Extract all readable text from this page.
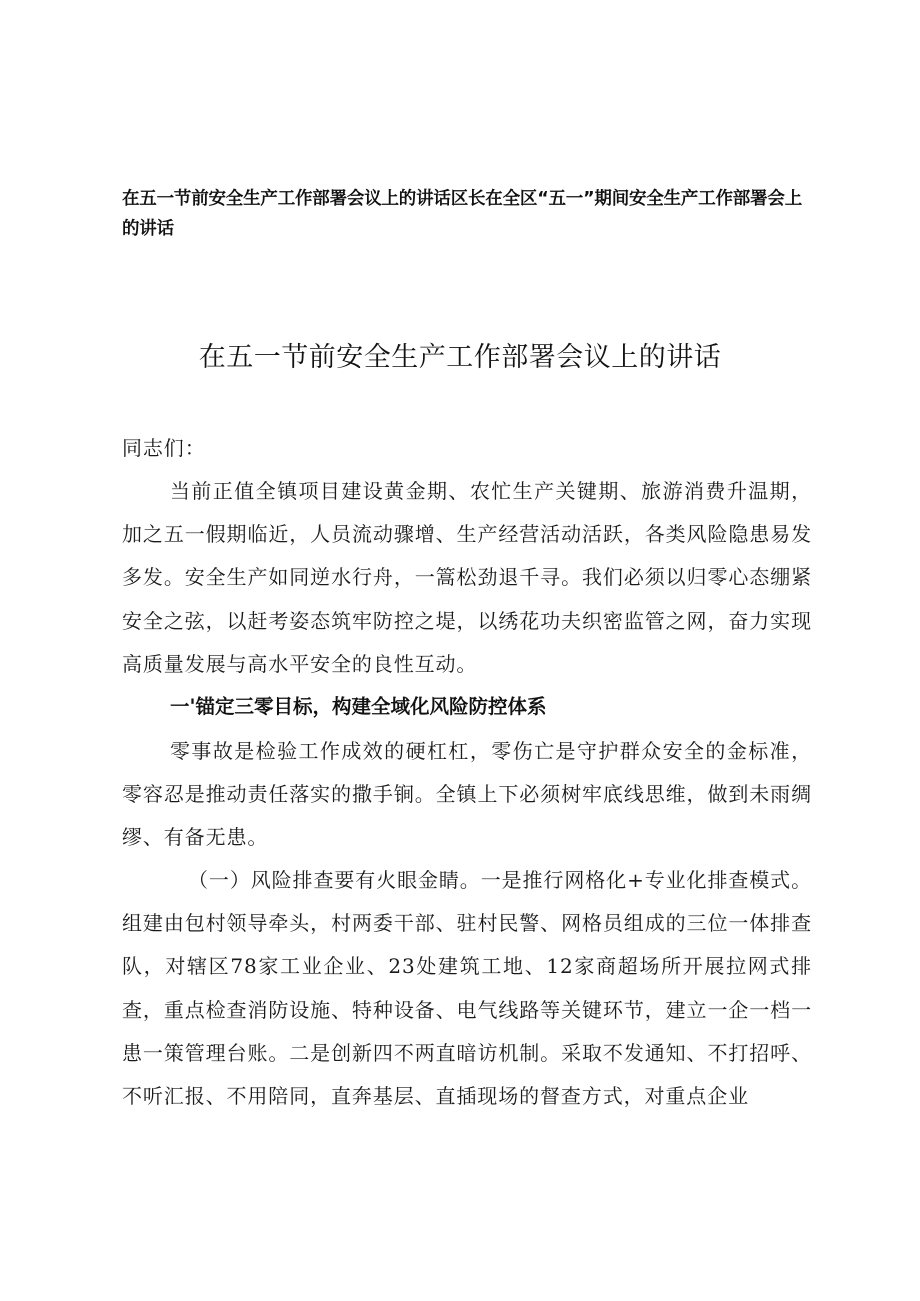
在五一节前安全生产工作部署会议上的讲话区长在全区“五一”期间安全生产工作部署会上的讲话
在五一节前安全生产工作部署会议上的讲话

同志们：

当前正值全镇项目建设黄金期、农忙生产关键期、旅游消费升温期，加之五一假期临近，人员流动骤增、生产经营活动活跃，各类风险隐患易发多发。安全生产如同逆水行舟，一篙松劲退千寻。我们必须以归零心态绷紧安全之弦，以赶考姿态筑牢防控之堤，以绣花功夫织密监管之网，奋力实现高质量发展与高水平安全的良性互动。

一'锚定三零目标，构建全域化风险防控体系

零事故是检验工作成效的硬杠杠，零伤亡是守护群众安全的金标准，零容忍是推动责任落实的撒手锏。全镇上下必须树牢底线思维，做到未雨绸缪、有备无患。

（一）风险排查要有火眼金睛。一是推行网格化+专业化排查模式。组建由包村领导牵头，村两委干部、驻村民警、网格员组成的三位一体排查队，对辖区78家工业企业、23处建筑工地、12家商超场所开展拉网式排查，重点检查消防设施、特种设备、电气线路等关键环节，建立一企一档一患一策管理台账。二是创新四不两直暗访机制。采取不发通知、不打招呼、不听汇报、不用陪同，直奔基层、直插现场的督查方式，对重点企业
